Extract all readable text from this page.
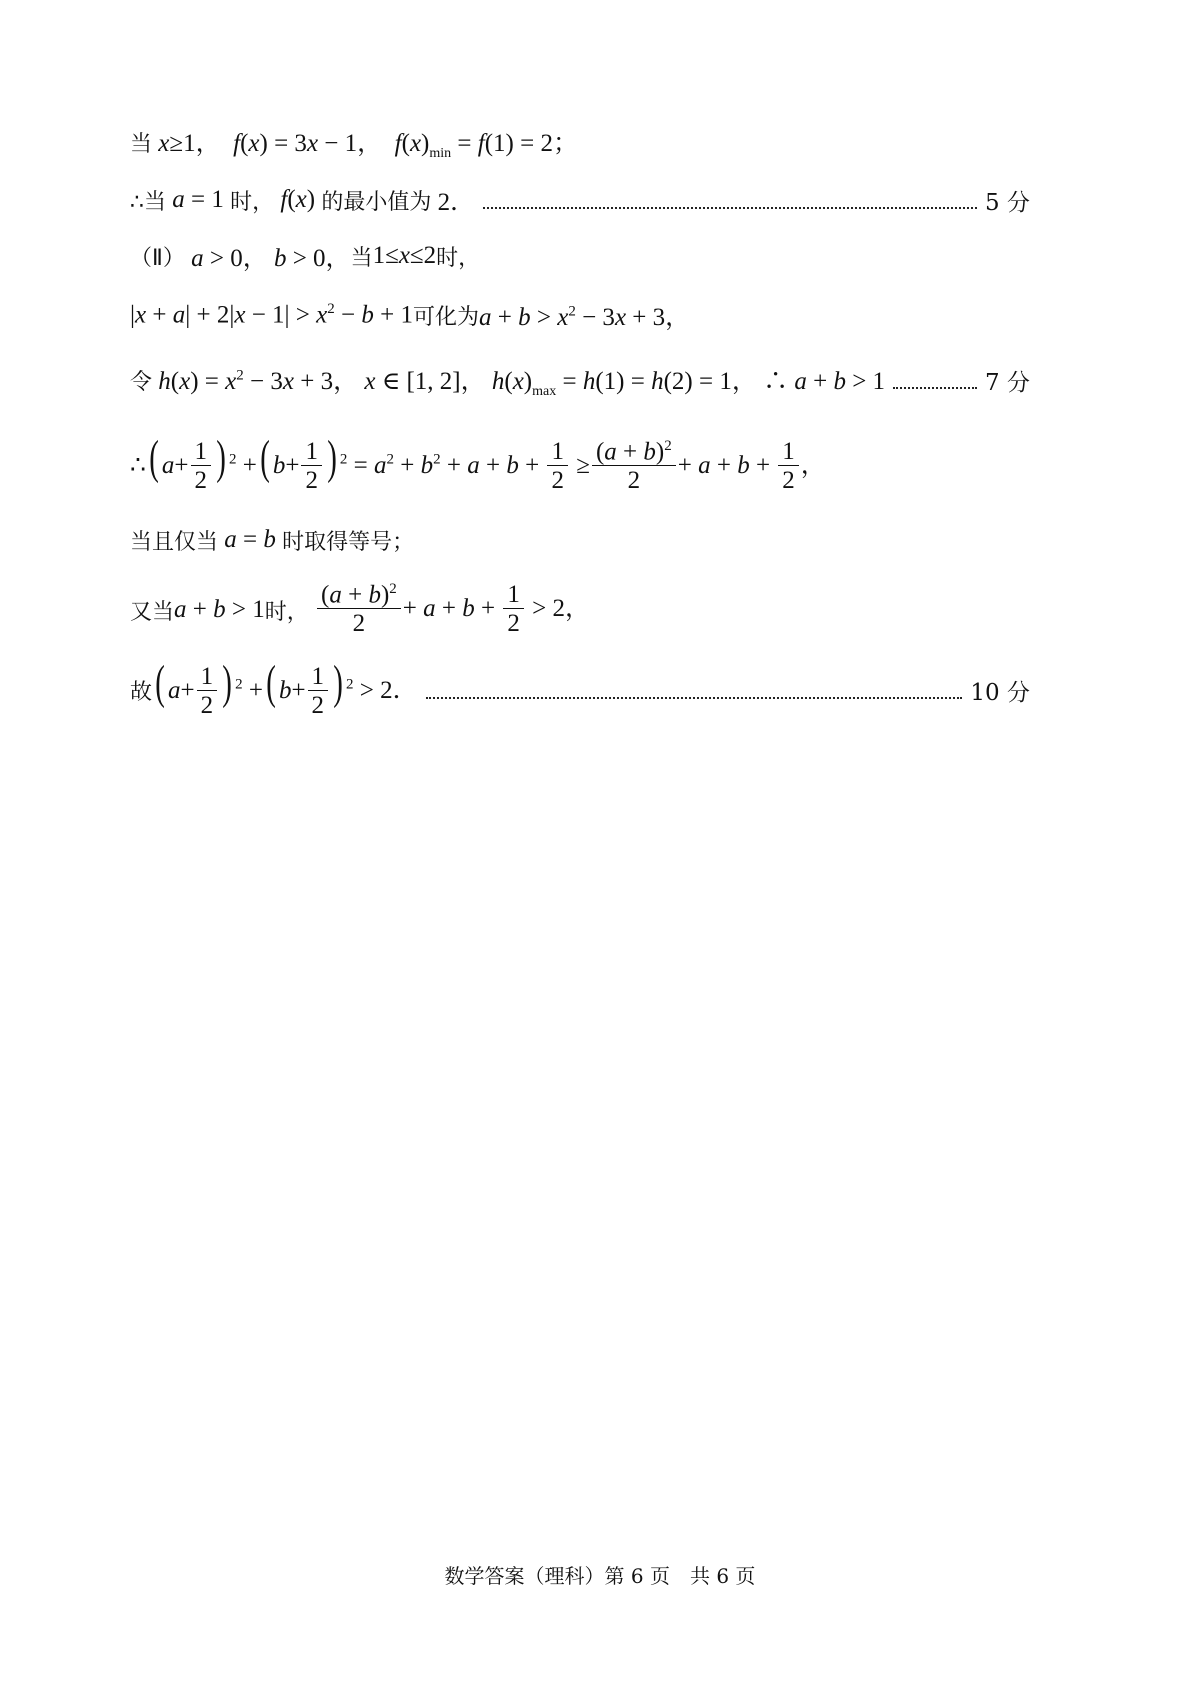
当 x≥1，  f(x) = 3x − 1，  $f(x)_{min} = f(1) = 2$；
∴当 a = 1 时， f(x) 的最小值为 2．	5 分
（Ⅱ） a > 0， b > 0， 当 1≤x≤2 时，
$|x + a| + 2|x - 1| > x^2 - b + 1$ 可化为 $a + b > x^2 - 3x + 3$，
令 $h(x) = x^2 - 3x + 3$， x ∈ [1, 2]， $h(x)_{max} = h(1) = h(2) = 1$， ∴ a + b > 1	7 分
∴( $a+ \frac{1}{2}$ ) $^2$ +( $b+ \frac{1}{2}$ ) $^2 = a^2 + b^2 + a + b + \frac{1}{2} \ge \frac{(a + b)^2}{2} + a + b + \frac{1}{2}$ ，
当且仅当 a = b 时取得等号；
又当 a + b > 1 时，
$\frac{(a + b)^2}{2} + a + b + \frac{1}{2} > 2$，
故 ( $a+ \frac{1}{2}$ ) $^2$ +( $b+ \frac{1}{2}$ ) $^2$ > 2．	10 分
数学答案（理科）第 6 页　共 6 页
